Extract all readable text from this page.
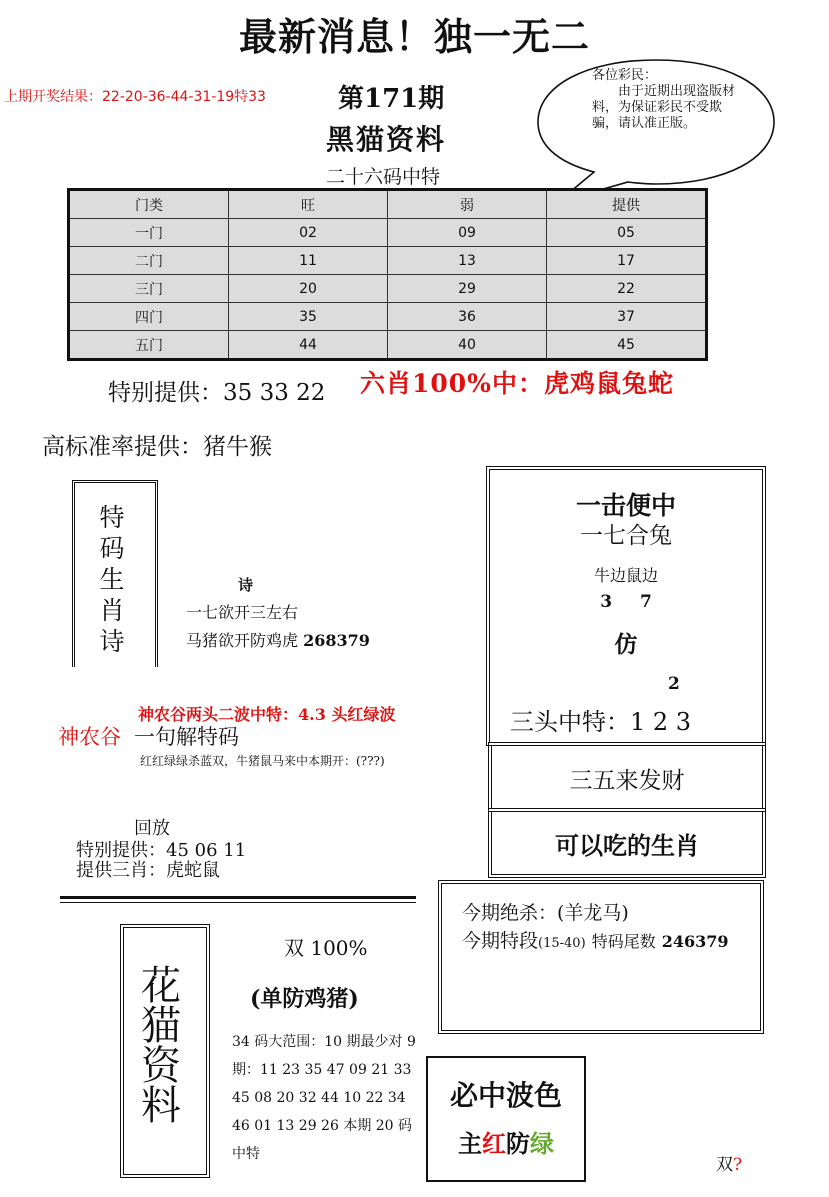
最新消息！独一无二
上期开奖结果：22-20-36-44-31-19特33	第171期
黑猫资料
二十六码中特
各位彩民：
由于近期出现盗版材料，为保证彩民不受欺骗，请认准正版。
门类	旺	弱	提供
一门	02	09	05
二门	11	13	17
三门	20	29	22
四门	35	36	37
五门	44	40	45
特别提供：35 33 22 六肖100%中：虎鸡鼠兔蛇
高标准率提供：猪牛猴
特
码
生
肖
诗
诗
一七欲开三左右
马猪欲开防鸡虎 268379
一击便中
一七合兔
牛边鼠边
3 7
仿
2
三头中特：1 2 3
三五来发财
可以吃的生肖
神农谷两头二波中特：4.3 头红绿波
神农谷 一句解特码
红红绿绿杀蓝双，牛猪鼠马来中本期开：(???)
回放
特别提供：45 06 11
提供三肖：虎蛇鼠
今期绝杀：(羊龙马)
今期特段(15-40) 特码尾数 246379
花
猫
资
料
双 100%
(单防鸡猪)
34 码大范围：10 期最少对 9 期：11 23 35 47 09 21 33 45 08 20 32 44 10 22 34 46 01 13 29 26 本期 20 码中特
必中波色
主红防绿
双?
